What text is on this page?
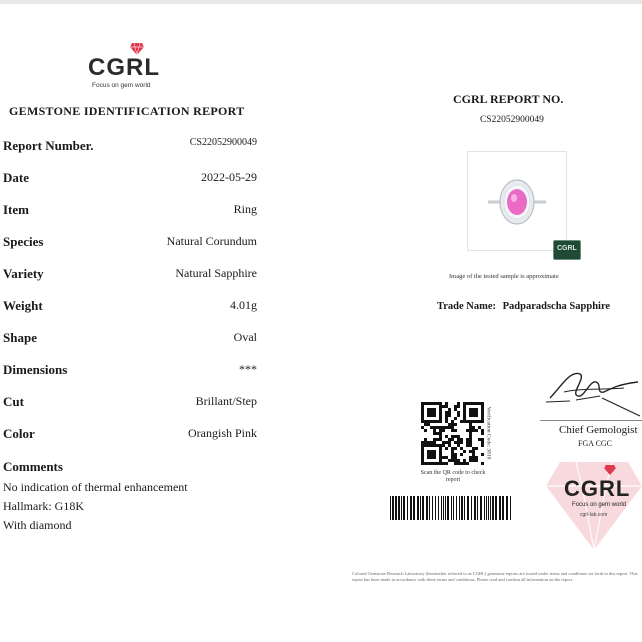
CGRL
Focus on gem world
GEMSTONE IDENTIFICATION REPORT
Report Number.	CS22052900049
Date	2022-05-29
Item	Ring
Species	Natural Corundum
Variety	Natural Sapphire
Weight	4.01g
Shape	Oval
Dimensions	***
Cut	Brillant/Step
Color	Orangish Pink
Comments
No indication of thermal enhancement
Hallmark: G18K
With diamond
CGRL REPORT NO.
CS22052900049
CGRL
Image of the tested sample is approximate
Trade Name: Padparadscha Sapphire
Scan the QR code to check report
Verification Code: 3810	Chief Gemologist
FGA CGC
CGRL
Focus on gem world
cgrl-lab.com
Colored Gemstone Research Laboratory (hereinafter referred to as CGRL) gemstone reports are issued under terms and conditions set forth in this report. This report has been made in accordance with these terms and conditions. Please read and confirm all information on the report.
